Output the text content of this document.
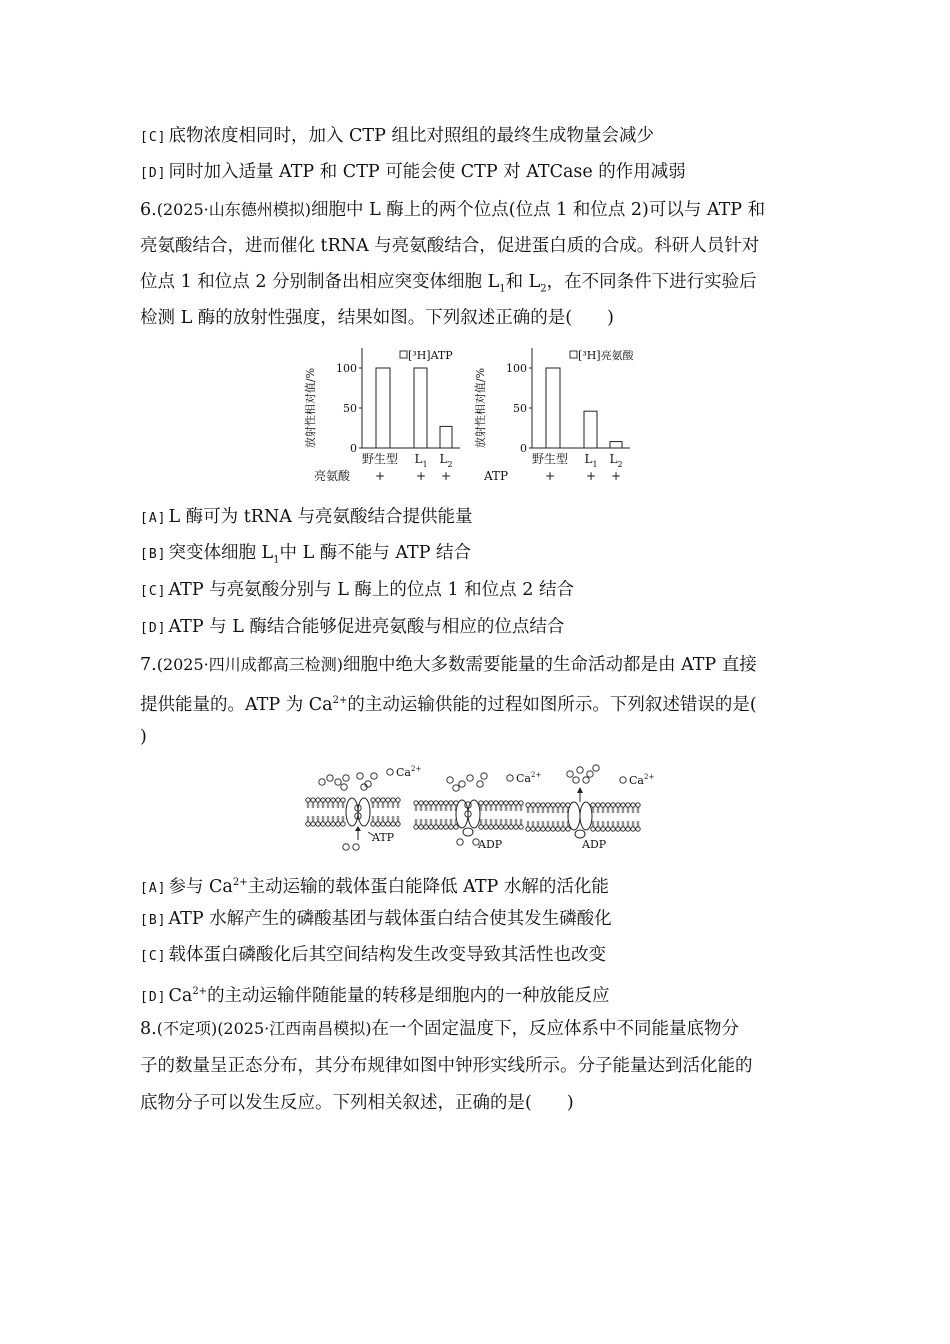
[C] 底物浓度相同时，加入 CTP 组比对照组的最终生成物量会减少
[D] 同时加入适量 ATP 和 CTP 可能会使 CTP 对 ATCase 的作用减弱
6.(2025·山东德州模拟)细胞中 L 酶上的两个位点(位点 1 和位点 2)可以与 ATP 和
亮氨酸结合，进而催化 tRNA 与亮氨酸结合，促进蛋白质的合成。科研人员针对
位点 1 和位点 2 分别制备出相应突变体细胞 $L_1$和 $L_2$，在不同条件下进行实验后
检测 L 酶的放射性强度，结果如图。下列叙述正确的是(　　)
放射性相对值/%
0
50
100
[³H]ATP
野生型 $L_1$ $L_2$
亮氨酸 +	+ +
放射性相对值/%
0
50
100
[³H]亮氨酸
野生型 $L_1$ $L_2$
ATP	+	+ +
[A] L 酶可为 tRNA 与亮氨酸结合提供能量
[B] 突变体细胞 $L_1$中 L 酶不能与 ATP 结合
[C] ATP 与亮氨酸分别与 L 酶上的位点 1 和位点 2 结合
[D] ATP 与 L 酶结合能够促进亮氨酸与相应的位点结合
7.(2025·四川成都高三检测)细胞中绝大多数需要能量的生命活动都是由 ATP 直接
提供能量的。ATP 为 $Ca^{2+}$的主动运输供能的过程如图所示。下列叙述错误的是(
)
$Ca^{2+}$
ATP
$Ca^{2+}$
ADP
$Ca^{2+}$
ADP
[A] 参与 $Ca^{2+}$主动运输的载体蛋白能降低 ATP 水解的活化能
[B] ATP 水解产生的磷酸基团与载体蛋白结合使其发生磷酸化
[C] 载体蛋白磷酸化后其空间结构发生改变导致其活性也改变
[D] $Ca^{2+}$的主动运输伴随能量的转移是细胞内的一种放能反应
8.(不定项)(2025·江西南昌模拟)在一个固定温度下，反应体系中不同能量底物分
子的数量呈正态分布，其分布规律如图中钟形实线所示。分子能量达到活化能的
底物分子可以发生反应。下列相关叙述，正确的是(　　)
